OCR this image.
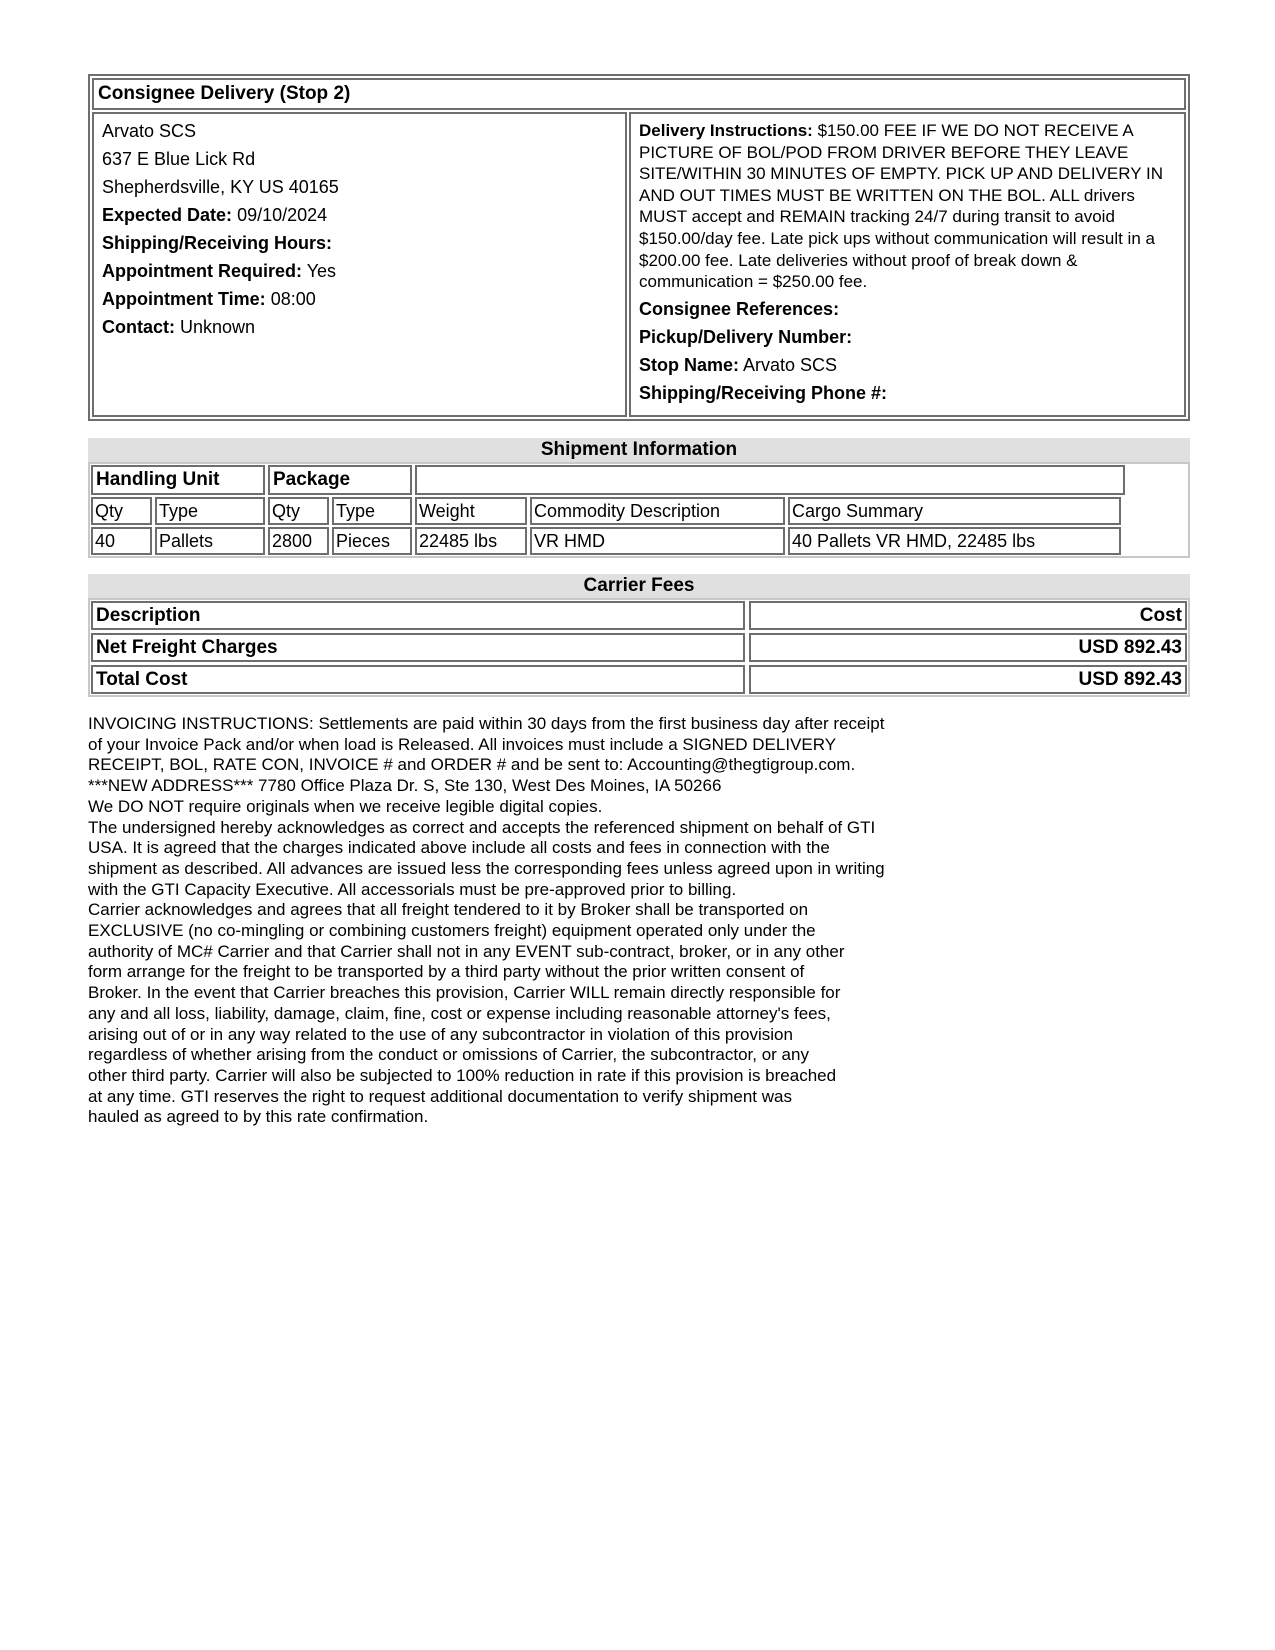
Consignee Delivery (Stop 2)
Arvato SCS
637 E Blue Lick Rd
Shepherdsville, KY US 40165
Expected Date: 09/10/2024
Shipping/Receiving Hours:
Appointment Required: Yes
Appointment Time: 08:00
Contact: Unknown
Delivery Instructions: $150.00 FEE IF WE DO NOT RECEIVE A PICTURE OF BOL/POD FROM DRIVER BEFORE THEY LEAVE SITE/WITHIN 30 MINUTES OF EMPTY. PICK UP AND DELIVERY IN AND OUT TIMES MUST BE WRITTEN ON THE BOL. ALL drivers MUST accept and REMAIN tracking 24/7 during transit to avoid $150.00/day fee. Late pick ups without communication will result in a $200.00 fee. Late deliveries without proof of break down & communication = $250.00 fee.
Consignee References:
Pickup/Delivery Number:
Stop Name: Arvato SCS
Shipping/Receiving Phone #:
Shipment Information
Handling Unit	Package
Qty	Type	Qty	Type	Weight	Commodity Description	Cargo Summary
40	Pallets	2800	Pieces	22485 lbs	VR HMD	40 Pallets VR HMD, 22485 lbs
Carrier Fees
Description	Cost
Net Freight Charges	USD 892.43
Total Cost	USD 892.43

INVOICING INSTRUCTIONS: Settlements are paid within 30 days from the first business day after receipt
of your Invoice Pack and/or when load is Released. All invoices must include a SIGNED DELIVERY
RECEIPT, BOL, RATE CON, INVOICE # and ORDER # and be sent to: Accounting@thegtigroup.com.
***NEW ADDRESS*** 7780 Office Plaza Dr. S, Ste 130, West Des Moines, IA 50266
We DO NOT require originals when we receive legible digital copies.

The undersigned hereby acknowledges as correct and accepts the referenced shipment on behalf of GTI
USA. It is agreed that the charges indicated above include all costs and fees in connection with the
shipment as described. All advances are issued less the corresponding fees unless agreed upon in writing
with the GTI Capacity Executive. All accessorials must be pre-approved prior to billing.

Carrier acknowledges and agrees that all freight tendered to it by Broker shall be transported on
EXCLUSIVE (no co-mingling or combining customers freight) equipment operated only under the
authority of MC# Carrier and that Carrier shall not in any EVENT sub-contract, broker, or in any other
form arrange for the freight to be transported by a third party without the prior written consent of
Broker. In the event that Carrier breaches this provision, Carrier WILL remain directly responsible for
any and all loss, liability, damage, claim, fine, cost or expense including reasonable attorney's fees,
arising out of or in any way related to the use of any subcontractor in violation of this provision
regardless of whether arising from the conduct or omissions of Carrier, the subcontractor, or any
other third party. Carrier will also be subjected to 100% reduction in rate if this provision is breached
at any time. GTI reserves the right to request additional documentation to verify shipment was
hauled as agreed to by this rate confirmation.
